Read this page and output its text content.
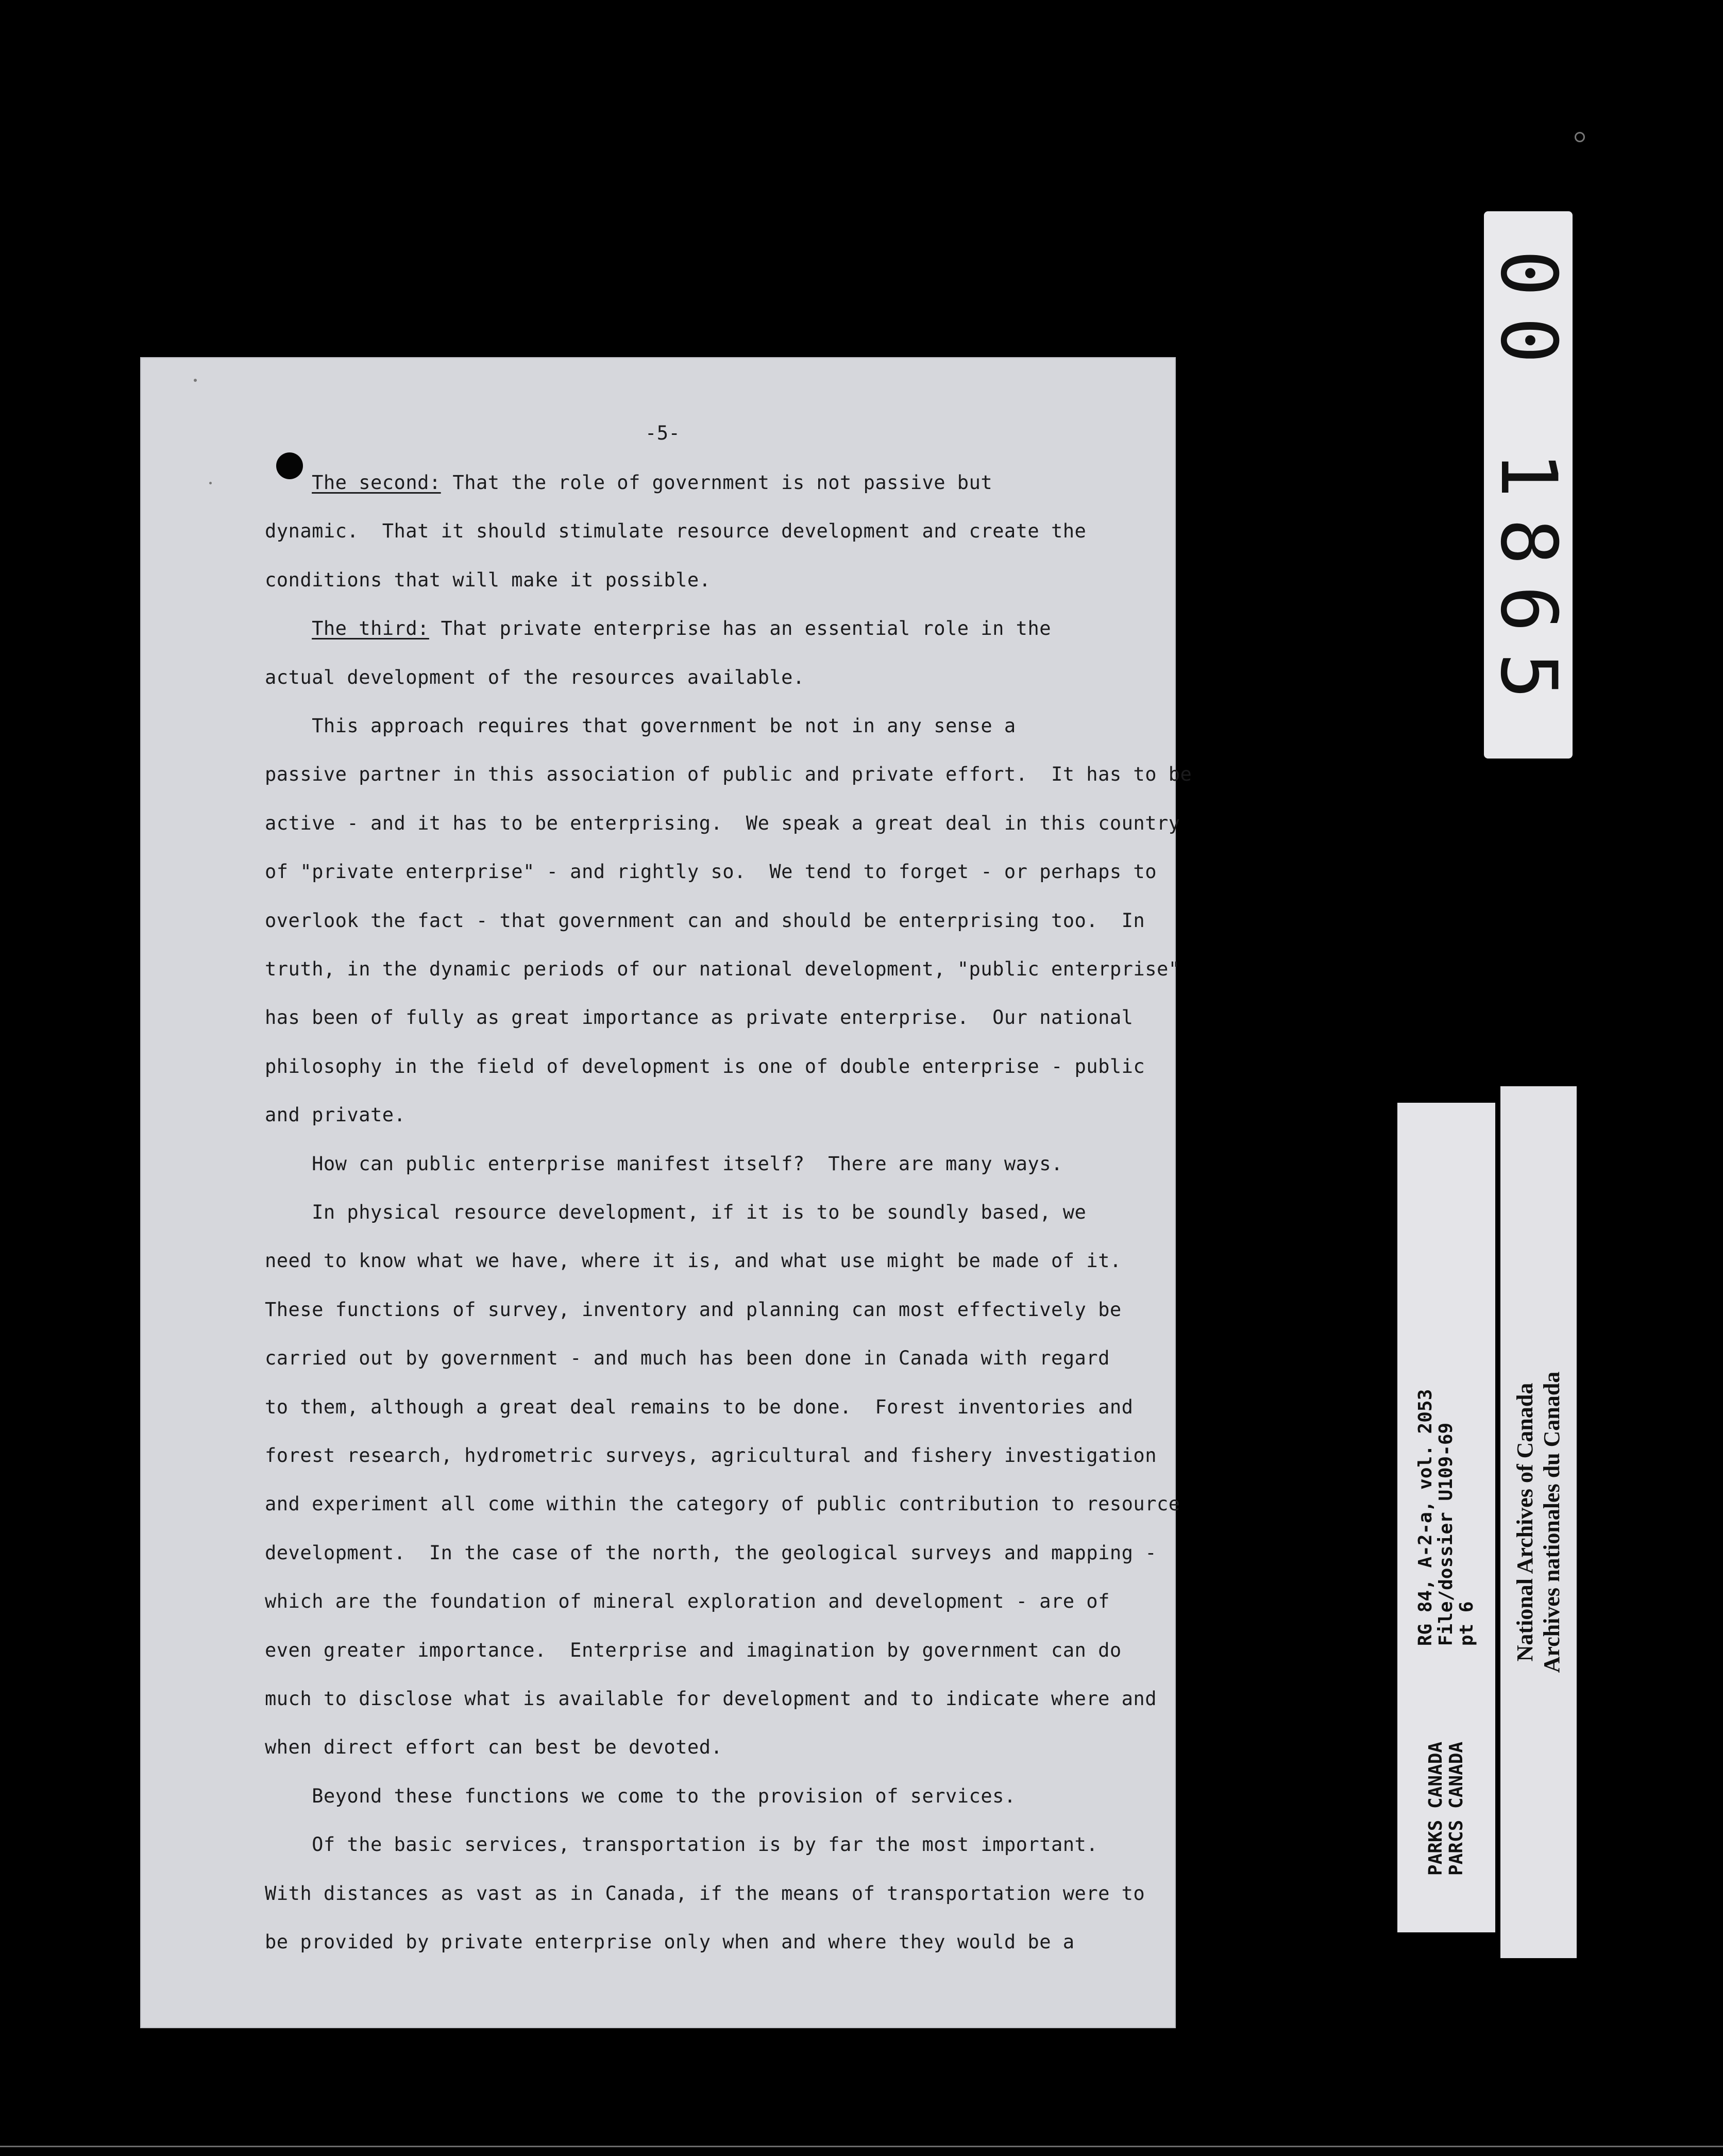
-5-
The second: That the role of government is not passive but
dynamic.  That it should stimulate resource development and create the
conditions that will make it possible.
The third: That private enterprise has an essential role in the
actual development of the resources available.
This approach requires that government be not in any sense a
passive partner in this association of public and private effort.  It has to be
active - and it has to be enterprising.  We speak a great deal in this country
of "private enterprise" - and rightly so.  We tend to forget - or perhaps to
overlook the fact - that government can and should be enterprising too.  In
truth, in the dynamic periods of our national development, "public enterprise"
has been of fully as great importance as private enterprise.  Our national
philosophy in the field of development is one of double enterprise - public
and private.
How can public enterprise manifest itself?  There are many ways.
In physical resource development, if it is to be soundly based, we
need to know what we have, where it is, and what use might be made of it.
These functions of survey, inventory and planning can most effectively be
carried out by government - and much has been done in Canada with regard
to them, although a great deal remains to be done.  Forest inventories and
forest research, hydrometric surveys, agricultural and fishery investigation
and experiment all come within the category of public contribution to resource
development.  In the case of the north, the geological surveys and mapping -
which are the foundation of mineral exploration and development - are of
even greater importance.  Enterprise and imagination by government can do
much to disclose what is available for development and to indicate where and
when direct effort can best be devoted.
Beyond these functions we come to the provision of services.
Of the basic services, transportation is by far the most important.
With distances as vast as in Canada, if the means of transportation were to
be provided by private enterprise only when and where they would be a
00 1865
RG 84, A-2-a, vol. 2053
File/dossier U109-69
pt 6
PARKS CANADA
PARCS CANADA
National Archives of Canada
Archives nationales du Canada
